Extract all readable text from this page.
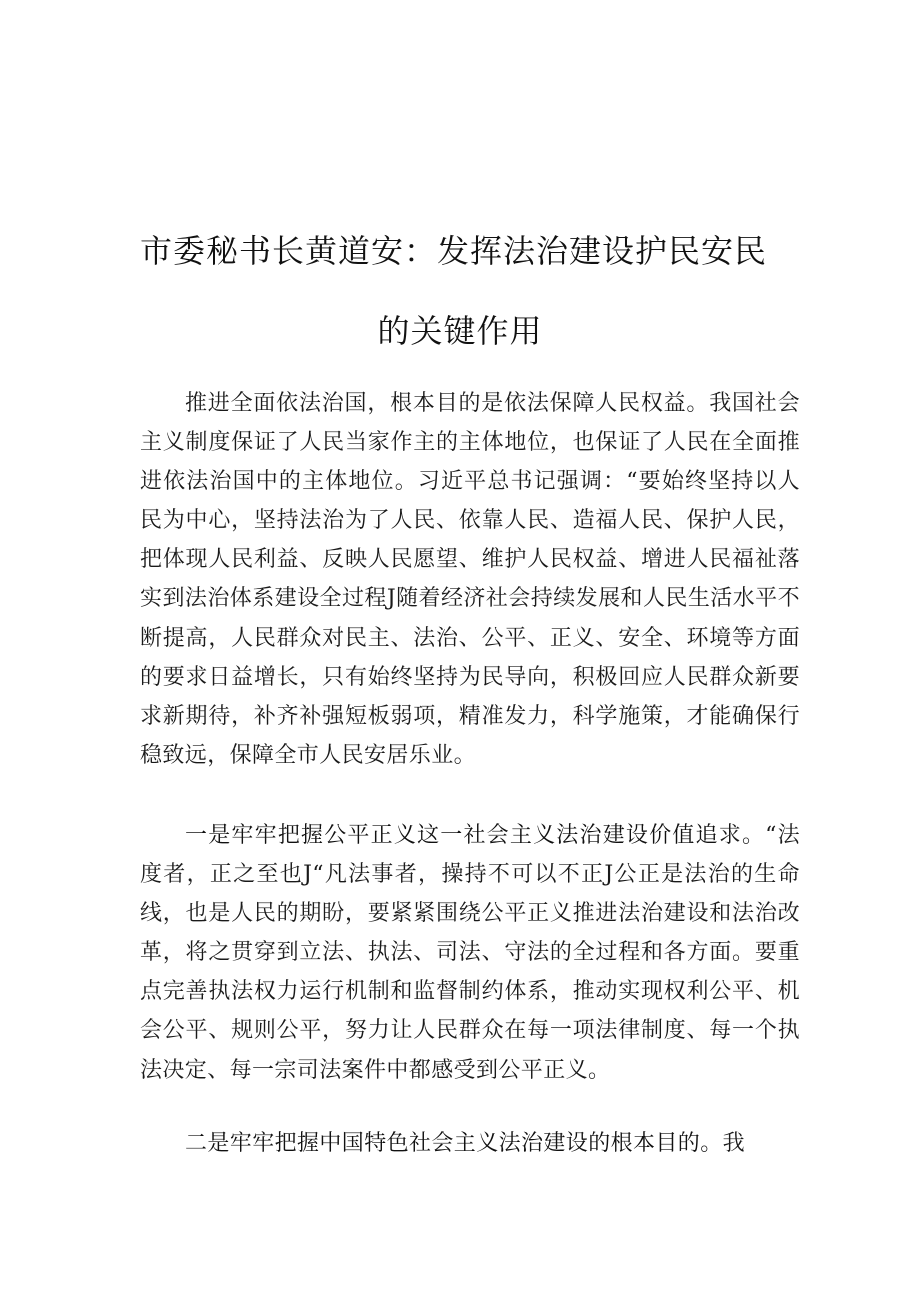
市委秘书长黄道安：发挥法治建设护民安民
的关键作用

推进全面依法治国，根本目的是依法保障人民权益。我国社会主义制度保证了人民当家作主的主体地位，也保证了人民在全面推进依法治国中的主体地位。习近平总书记强调：“要始终坚持以人民为中心，坚持法治为了人民、依靠人民、造福人民、保护人民，把体现人民利益、反映人民愿望、维护人民权益、增进人民福祉落实到法治体系建设全过程J随着经济社会持续发展和人民生活水平不断提高，人民群众对民主、法治、公平、正义、安全、环境等方面的要求日益增长，只有始终坚持为民导向，积极回应人民群众新要求新期待，补齐补强短板弱项，精准发力，科学施策，才能确保行稳致远，保障全市人民安居乐业。

一是牢牢把握公平正义这一社会主义法治建设价值追求。“法度者，正之至也J“凡法事者，操持不可以不正J公正是法治的生命线，也是人民的期盼，要紧紧围绕公平正义推进法治建设和法治改革，将之贯穿到立法、执法、司法、守法的全过程和各方面。要重点完善执法权力运行机制和监督制约体系，推动实现权利公平、机会公平、规则公平，努力让人民群众在每一项法律制度、每一个执法决定、每一宗司法案件中都感受到公平正义。

二是牢牢把握中国特色社会主义法治建设的根本目的。我
